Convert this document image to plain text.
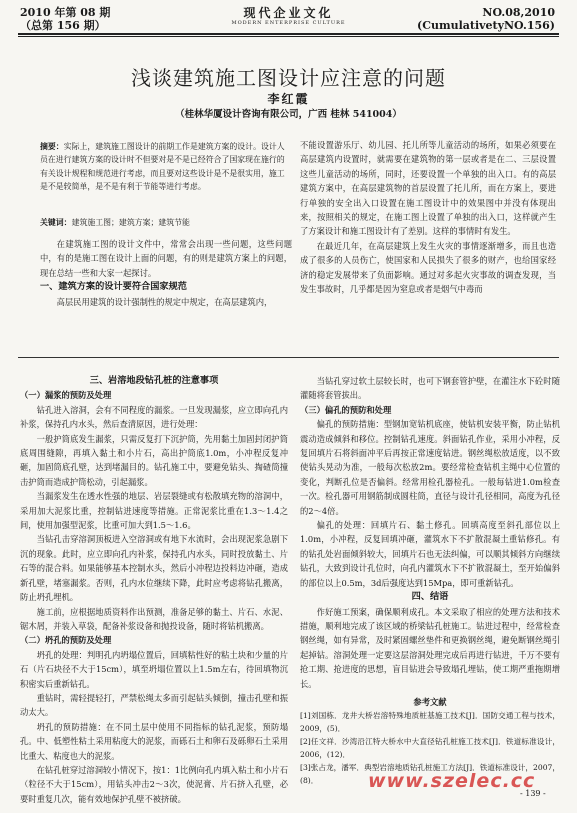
2010 年第 08 期
（总第 156 期）
现代企业文化
MODERN ENTERPRISE CULTURE
NO.08,2010
(CumulativetyNO.156)
浅谈建筑施工图设计应注意的问题
李红霞
（桂林华厦设计咨询有限公司，广西 桂林 541004）
摘要：实际上，建筑施工图设计的前期工作是建筑方案的设计。设计人员在进行建筑方案的设计时不但要对是不是已经符合了国家现在施行的有关设计规程和规范进行考虑，而且要对这些设计是不是很实用，施工是不是较简单，是不是有利于节能等进行考虑。
关键词：建筑施工图；建筑方案；建筑节能

在建筑施工图的设计文件中，常常会出现一些问题，这些问题中，有的是施工图在设计上面的问题，有的则是建筑方案上的问题，现在总结一些和大家一起探讨。

一、建筑方案的设计要符合国家规范

高层民用建筑的设计强制性的规定中规定，在高层建筑内，

不能设置游乐厅、幼儿园、托儿所等儿童活动的场所，如果必须要在高层建筑内设置时，就需要在建筑物的第一层或者是在二、三层设置这些儿童活动的场所，同时，还要设置一个单独的出入口。有的高层建筑方案中，在高层建筑物的首层设置了托儿所，而在方案上，要进行单独的安全出入口设置在施工图设计中的效果图中并没有体现出来，按照相关的规定，在施工图上设置了单独的出入口，这样就产生了方案设计和施工图设计有了差别。这样的事情时有发生。

在最近几年，在高层建筑上发生火灾的事情逐渐增多，而且也造成了很多的人员伤亡，使国家和人民损失了很多的财产，也给国家经济的稳定发展带来了负面影响。通过对多起火灾事故的调查发现，当发生事故时，几乎都是因为窒息或者是烟气中毒而

三、岩溶地段钻孔桩的注意事项

（一）漏浆的预防及处理

钻孔进入溶洞，会有不同程度的漏浆。一旦发现漏浆，应立即向孔内补浆，保持孔内水头，然后查清原因，进行处理：

一般护筒底发生漏浆，只需反复打下沉护筒，先用黏土加固封闭护筒底周围缝隙，再填入黏土和小片石，高出护筒底1.0m，小冲程反复冲砸，加固筒底孔壁，达到堵漏目的。钻孔施工中，要避免钻头、掏碴筒撞击护筒而造成护筒松动，引起漏浆。

当漏浆发生在透水性强的地层、岩层裂缝或有松散填充物的溶洞中，采用加大泥浆比重，控制钻进速度等措施。正常泥浆比重在1.3～1.4之间，使用加强型泥浆，比重可加大到1.5～1.6。

当钻孔击穿溶洞顶板进入空溶洞或有地下水流时，会出现泥浆急剧下沉的现象。此时，应立即向孔内补浆，保持孔内水头，同时投放黏土、片石等的混合料。如果能够基本控制水头，然后小冲程边投料边冲砸，造成新孔壁，堵塞漏浆。否则，孔内水位继续下降，此时应考虑将钻孔搬离，防止坍孔埋机。

施工前，应根据地质资料作出预测，准备足够的黏土、片石、水泥、锯木屑，并装入草袋，配备补浆设备和抛投设备，随时将钻机搬离。

（二）坍孔的预防及处理

坍孔的处理：判明孔内坍塌位置后，回填粘性好的粘土块和少量的片石（片石块径不大于15cm），填至坍塌位置以上1.5m左右，待回填物沉积密实后重新钻孔。

重钻时，需轻提轻打，严禁松绳太多而引起钻头倾倒，撞击孔壁和振动太大。

坍孔的预防措施：在不同土层中使用不同指标的钻孔泥浆，预防塌孔。中、低塑性粘土采用粘度大的泥浆，而砾石土和卵石及砾卵石土采用比重大、粘度也大的泥浆。

在钻孔桩穿过溶洞较小情况下，按1：1比例向孔内填入粘土和小片石（粒径不大于15cm），用钻头冲击2～3次，使泥膏、片石挤入孔壁，必要时重复几次，能有效地保护孔壁不被挤破。

当钻孔穿过软土层较长时，也可下钢套管护壁，在灌注水下砼时随灌随将套管拔出。

（三）偏孔的预防和处理

偏孔的预防措施：型钢加宽钻机底座，使钻机安装平衡，防止钻机震动造成倾斜和移位。控制钻孔速度。斜面钻孔作业，采用小冲程，反复回填片石将斜面冲平后再按正常速度钻进。钢丝绳松放适度，以不致使钻头晃动为准，一般每次松放2m。要经常检查钻机主绳中心位置的变化，判断孔位是否偏斜。经常用检孔器检孔。一般每钻进1.0m检查一次。检孔器可用钢筋制成圆柱筒，直径与设计孔径相同，高度为孔径的2～4倍。

偏孔的处理：回填片石、黏土修孔。回填高度至斜孔部位以上1.0m，小冲程，反复回填冲砸，灌筑水下不扩散混凝土重钻修孔。有的钻孔处岩面倾斜较大，回填片石也无法纠偏，可以顺其倾斜方向继续钻孔，大致到设计孔位时，向孔内灌筑水下不扩散混凝土，至开始偏斜的部位以上0.5m，3d后强度达到15Mpa，即可重新钻孔。

四、结语

作好施工预案，确保顺利成孔。本文采取了相应的处理方法和技术措施，顺利地完成了该区域的桥梁钻孔桩施工。钻进过程中，经常检查钢丝绳，如有异常，及时紧固螺丝垫件和更换钢丝绳，避免断钢丝绳引起掉钻。溶洞处理一定要这层溶洞处理完成后再进行钻进，千万不要有抢工期、抢进度的思想，盲目钻进会导致塌孔埋钻，使工期严重拖期增长。

参考文献

[1]刘国栋．龙井大桥岩溶特殊地质桩基施工技术[J]．国防交通工程与技术，2009，(5)．

[2]任文祥．沙湾沿江特大桥水中大直径钻孔桩施工技术[J]．铁道标准设计，2006，(12)．

[3]张占龙，潘军．典型岩溶地质钻孔桩施工方法[J]．铁道标准设计，2007，(8)．	www.szelec.cc
- 139 -
